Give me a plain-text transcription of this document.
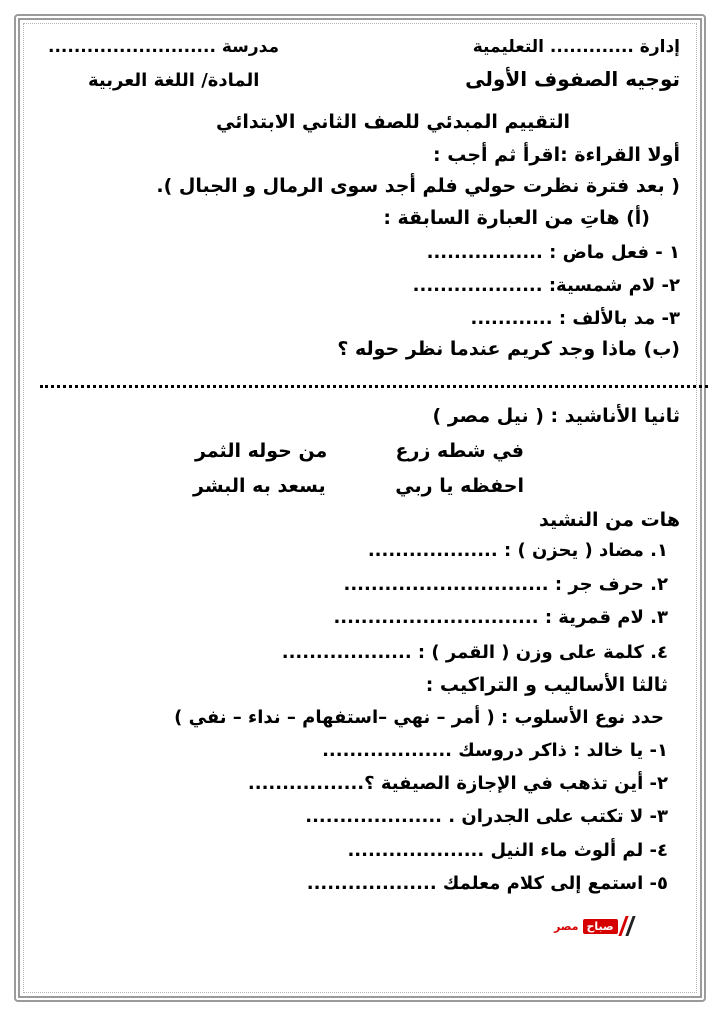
إدارة ............. التعليمية
مدرسة ..........................
توجيه الصفوف الأولى
المادة/ اللغة العربية
التقييم المبدئي للصف الثاني الابتدائي
أولا القراءة :اقرأ ثم أجب :
( بعد فترة نظرت حولي فلم أجد سوى الرمال و الجبال ).
(أ) هاتِ من العبارة السابقة :
١ - فعل ماض : .................
٢- لام شمسية: ...................
٣- مد بالألف : ............
(ب) ماذا وجد كريم عندما نظر حوله ؟
ثانيا الأناشيد : ( نيل مصر )
في شطه زرع
من حوله الثمر
احفظه يا ربي
يسعد به البشر
هات من النشيد
١. مضاد ( يحزن ) : ...................
٢. حرف جر : ..............................
٣. لام قمرية : ..............................
٤. كلمة على وزن ( القمر ) : ...................
ثالثا الأساليب و التراكيب :
حدد نوع الأسلوب : ( أمر – نهي –استفهام – نداء – نفي )
١- يا خالد : ذاكر دروسك ...................
٢- أين تذهب في الإجازة الصيفية ؟.................
٣- لا تكتب على الجدران . ....................
٤- لم ألوث ماء النيل ....................
٥- استمع إلى كلام معلمك ...................
مصر صباح
